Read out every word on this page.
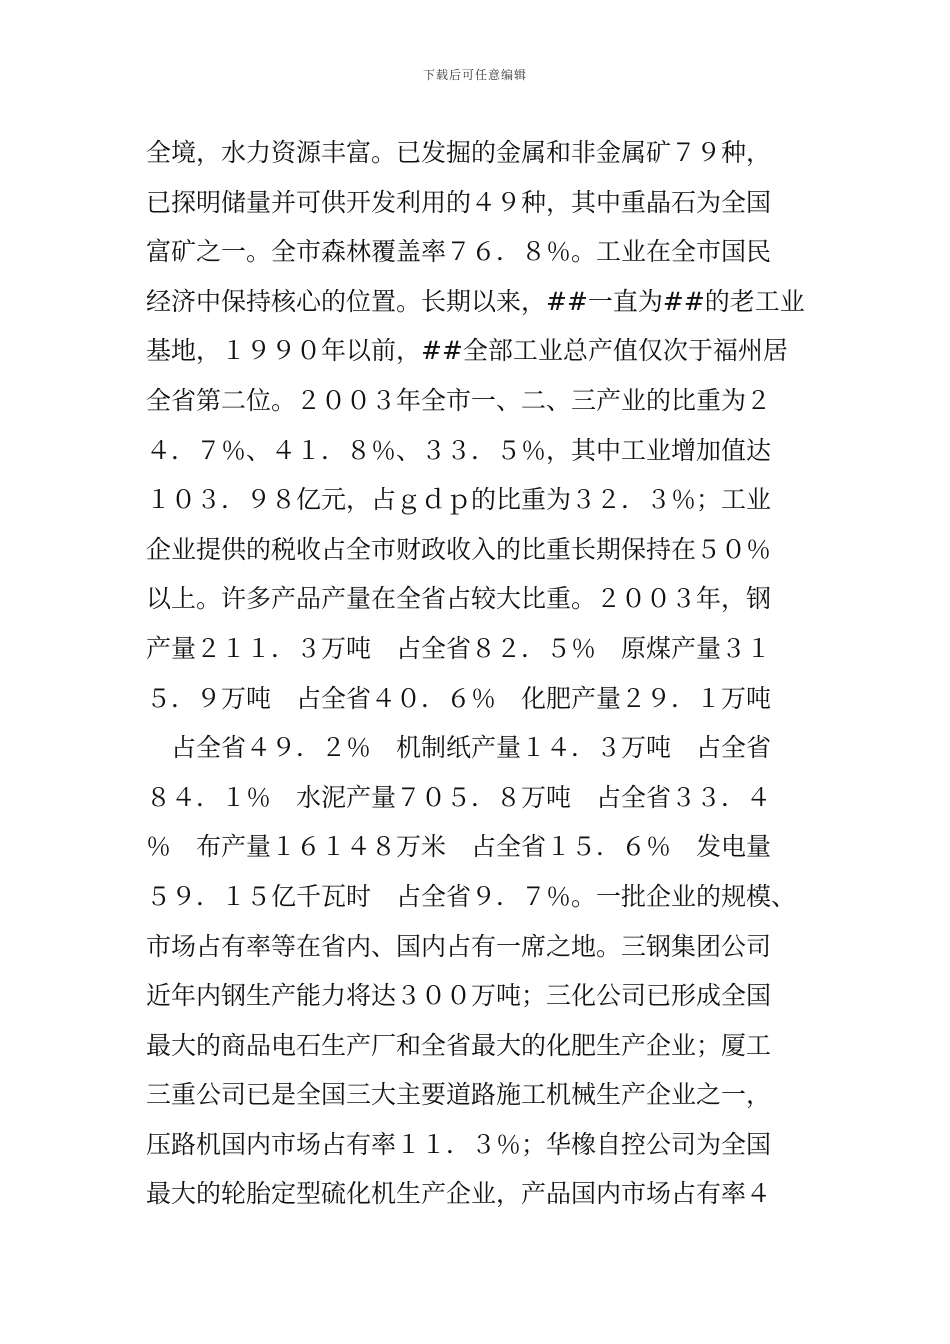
下载后可任意编辑
全境，水力资源丰富。已发掘的金属和非金属矿７９种，
已探明储量并可供开发利用的４９种，其中重晶石为全国
富矿之一。全市森林覆盖率７６．８％。工业在全市国民
经济中保持核心的位置。长期以来，##一直为##的老工业
基地，１９９０年以前，##全部工业总产值仅次于福州居
全省第二位。２００３年全市一、二、三产业的比重为２
４．７％、４１．８％、３３．５％，其中工业增加值达
１０３．９８亿元，占ｇｄｐ的比重为３２．３％；工业
企业提供的税收占全市财政收入的比重长期保持在５０％
以上。许多产品产量在全省占较大比重。２００３年，钢
产量２１１．３万吨　占全省８２．５％　原煤产量３１
５．９万吨　占全省４０．６％　化肥产量２９．１万吨
　占全省４９．２％　机制纸产量１４．３万吨　占全省
８４．１％　水泥产量７０５．８万吨　占全省３３．４
％　布产量１６１４８万米　占全省１５．６％　发电量
５９．１５亿千瓦时　占全省９．７％。一批企业的规模、
市场占有率等在省内、国内占有一席之地。三钢集团公司
近年内钢生产能力将达３００万吨；三化公司已形成全国
最大的商品电石生产厂和全省最大的化肥生产企业；厦工
三重公司已是全国三大主要道路施工机械生产企业之一，
压路机国内市场占有率１１．３％；华橡自控公司为全国
最大的轮胎定型硫化机生产企业，产品国内市场占有率４
